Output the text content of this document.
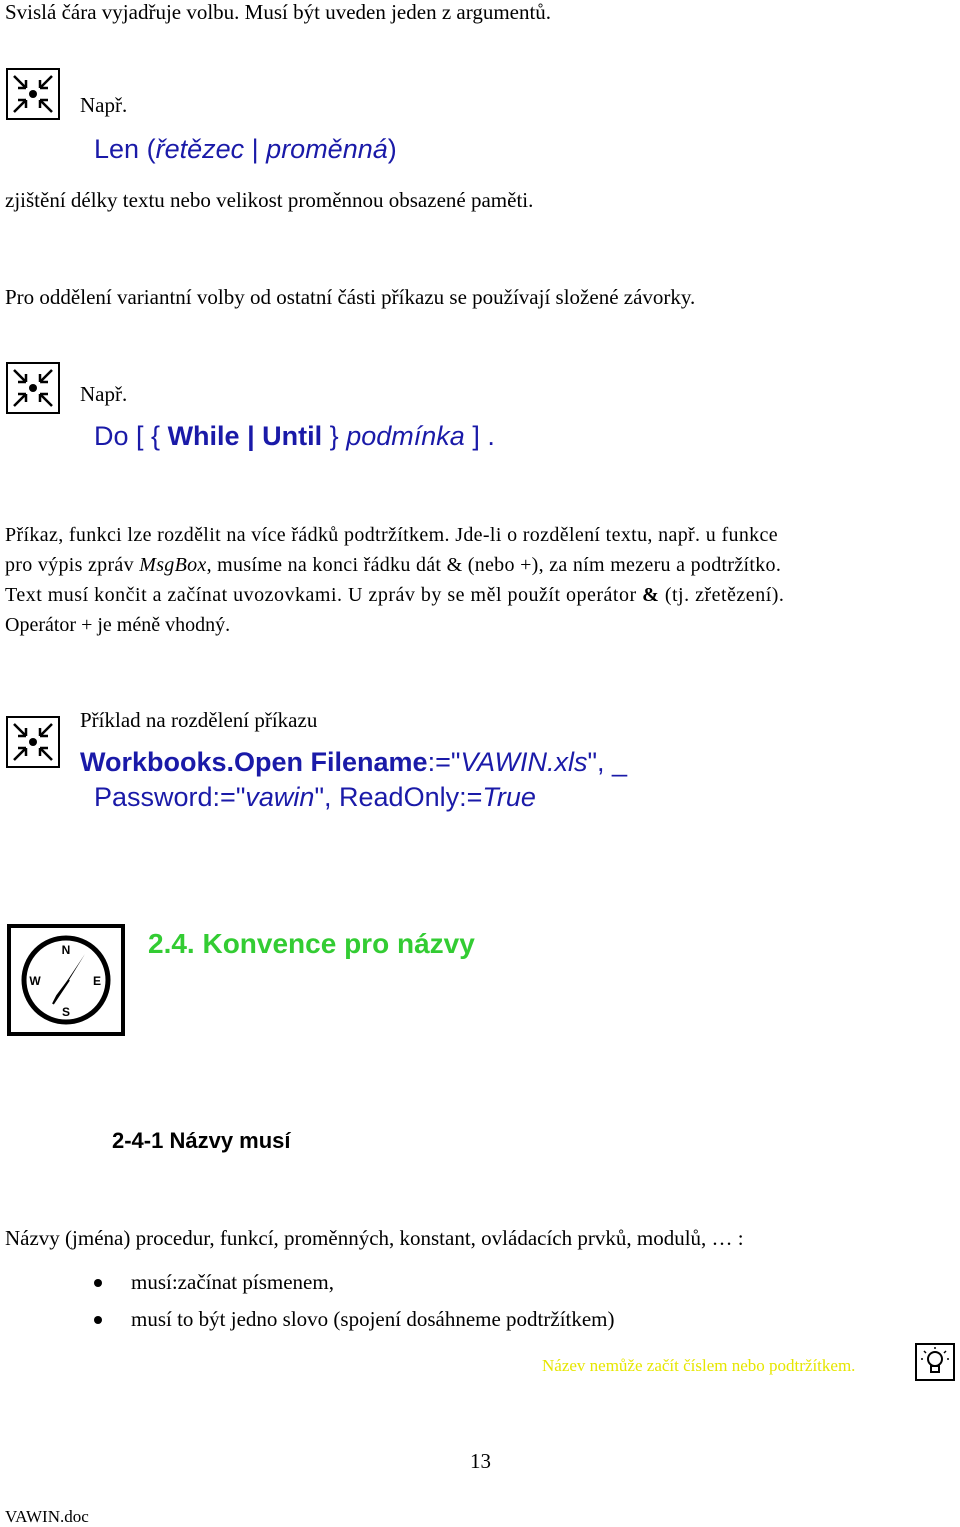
Svislá čára vyjadřuje volbu. Musí být uveden jeden z argumentů.
Např.
Len (řetězec | proměnná)
zjištění délky textu nebo velikost proměnnou obsazené paměti.
Pro oddělení variantní volby od ostatní části příkazu se používají složené závorky.
Např.
Do [ { While | Until } podmínka ] .
Příkaz, funkci lze rozdělit na více řádků podtržítkem. Jde-li o rozdělení textu, např. u funkce
pro výpis zpráv MsgBox, musíme na konci řádku dát & (nebo +), za ním mezeru a podtržítko.
Text musí končit a začínat uvozovkami. U zpráv by se měl použít operátor & (tj. zřetězení).
Operátor + je méně vhodný.
Příklad na rozdělení příkazu
Workbooks.Open Filename:="VAWIN.xls", _
Password:="vawin", ReadOnly:=True
N
W	E
S
2.4. Konvence pro názvy
2-4-1 Názvy musí
Názvy (jména) procedur, funkcí, proměnných, konstant, ovládacích prvků, modulů, … :
musí:začínat písmenem,
musí to být jedno slovo (spojení dosáhneme podtržítkem)
Název nemůže začít číslem nebo podtržítkem.
13
VAWIN.doc
